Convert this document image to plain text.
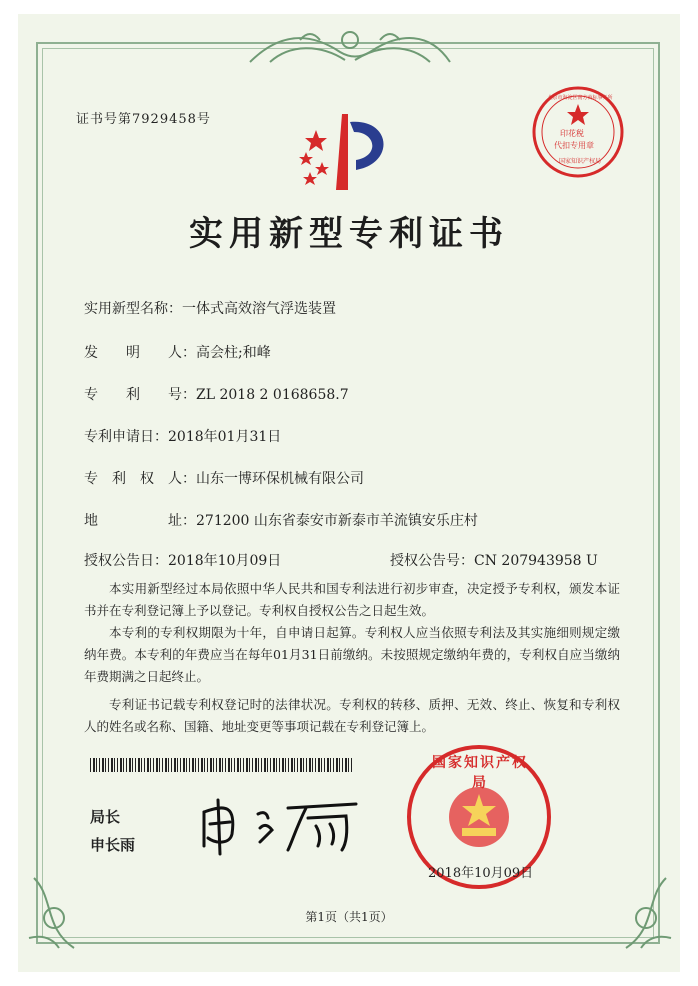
证书号第7929458号
印花税
代扣专用章
北京市海淀区南方商标事务所
国家知识产权局
实用新型专利证书
实用新型名称：一体式高效溶气浮选装置
发　　明　　人：高会柱;和峰
专　　利　　号：ZL 2018 2 0168658.7
专利申请日：2018年01月31日
专　利　权　人：山东一博环保机械有限公司
地　　　　　址：271200 山东省泰安市新泰市羊流镇安乐庄村
授权公告日：2018年10月09日	授权公告号：CN 207943958 U

本实用新型经过本局依照中华人民共和国专利法进行初步审查，决定授予专利权，颁发本证书并在专利登记簿上予以登记。专利权自授权公告之日起生效。

本专利的专利权期限为十年，自申请日起算。专利权人应当依照专利法及其实施细则规定缴纳年费。本专利的年费应当在每年01月31日前缴纳。未按照规定缴纳年费的，专利权自应当缴纳年费期满之日起终止。

专利证书记载专利权登记时的法律状况。专利权的转移、质押、无效、终止、恢复和专利权人的姓名或名称、国籍、地址变更等事项记载在专利登记簿上。

局长
申长雨
国家知识产权局
2018年10月09日
第1页（共1页）
